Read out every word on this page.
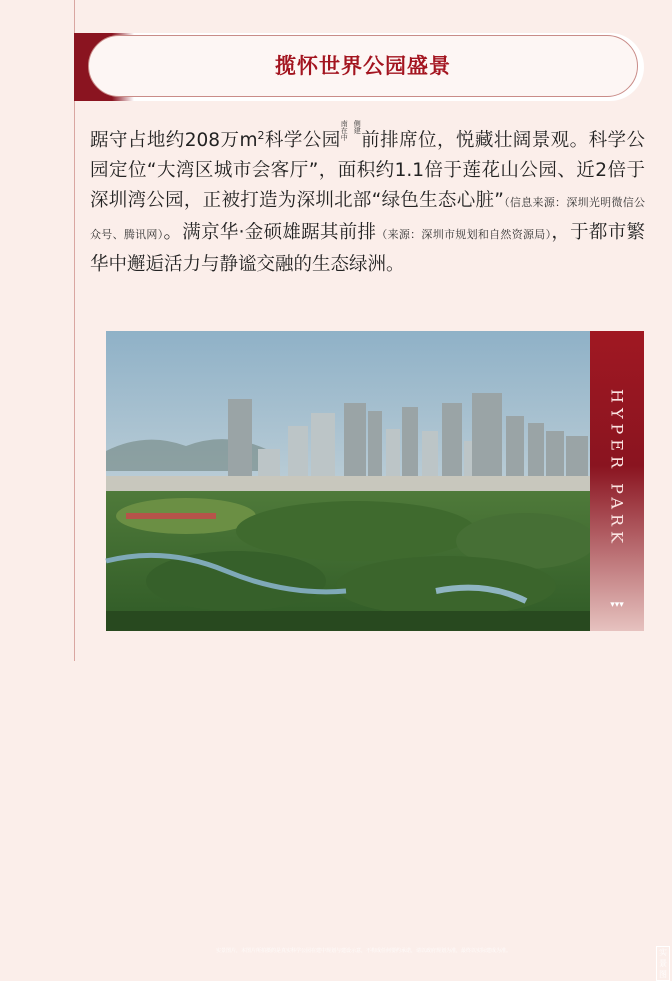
揽怀世界公园盛景
踞守占地约208万$m^2$科学公园南侧在建中 前排席位，悦藏壮阔景观。科学公园定位“大湾区城市会客厅”，面积约1.1倍于莲花山公园、近2倍于深圳湾公园，正被打造为深圳北部“绿色生态心脏”（信息来源：深圳光明微信公众号、腾讯网）。满京华·金硕雄踞其前排（来源：深圳市规划和自然资源局），于都市繁华中邂逅活力与静谧交融的生态绿洲。
实景图片，本图片所拍摄的是真实科学公园在建中规划与建设示意，不构成任何要约承诺，请以政府规划为准，最终以实际建成为准。	实景图
HYPER PARK
▾▾▾
